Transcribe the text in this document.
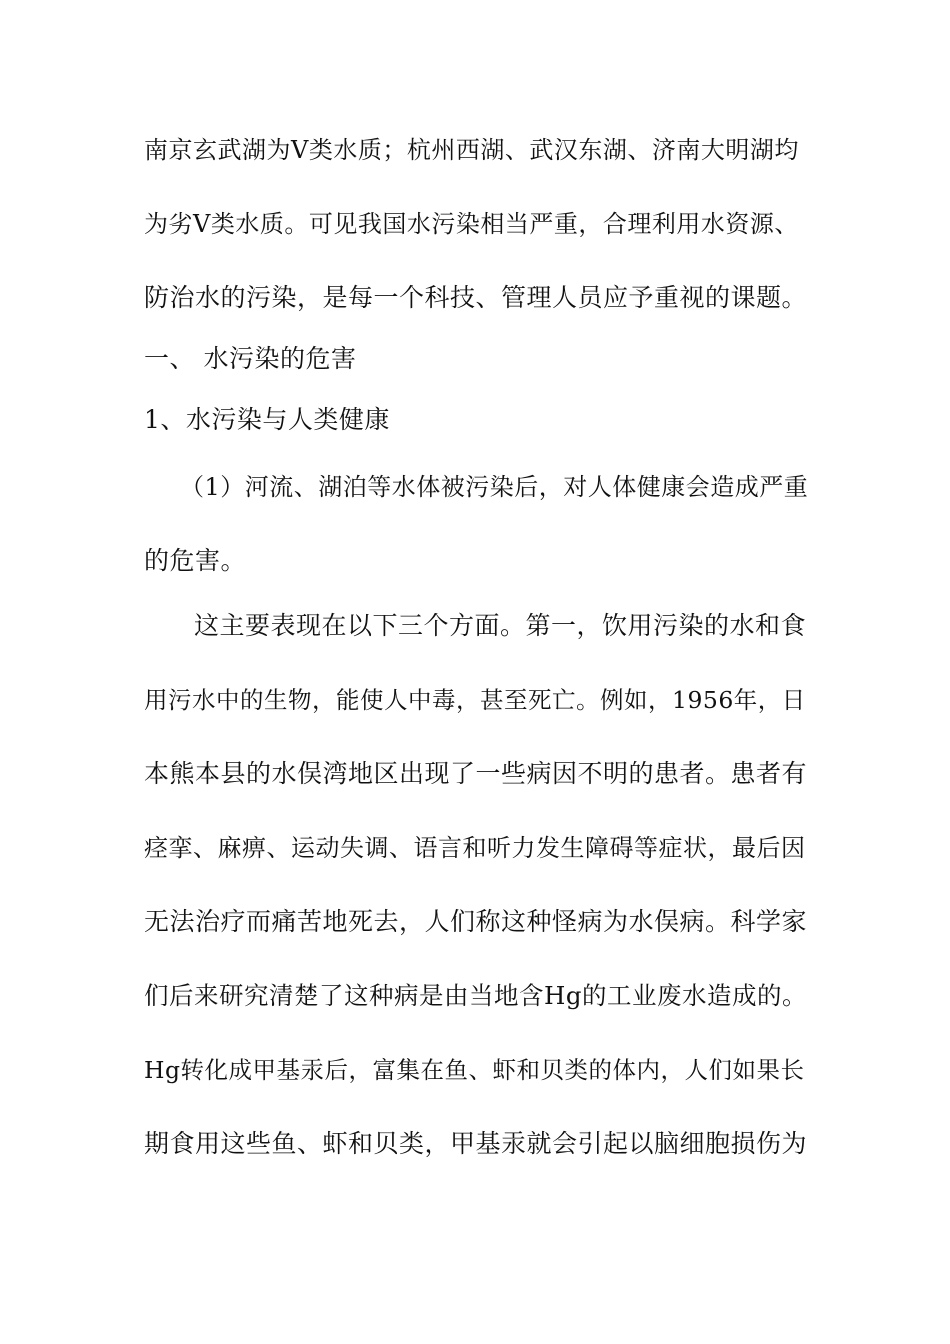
南京玄武湖为V类水质；杭州西湖、武汉东湖、济南大明湖均
为劣V类水质。可见我国水污染相当严重，合理利用水资源、
防治水的污染，是每一个科技、管理人员应予重视的课题。
一、 水污染的危害
1、水污染与人类健康
（1）河流、湖泊等水体被污染后，对人体健康会造成严重
的危害。
这主要表现在以下三个方面。第一，饮用污染的水和食
用污水中的生物，能使人中毒，甚至死亡。例如，1956年，日
本熊本县的水俣湾地区出现了一些病因不明的患者。患者有
痉挛、麻痹、运动失调、语言和听力发生障碍等症状，最后因
无法治疗而痛苦地死去，人们称这种怪病为水俣病。科学家
们后来研究清楚了这种病是由当地含Hg的工业废水造成的。
Hg转化成甲基汞后，富集在鱼、虾和贝类的体内，人们如果长
期食用这些鱼、虾和贝类，甲基汞就会引起以脑细胞损伤为
